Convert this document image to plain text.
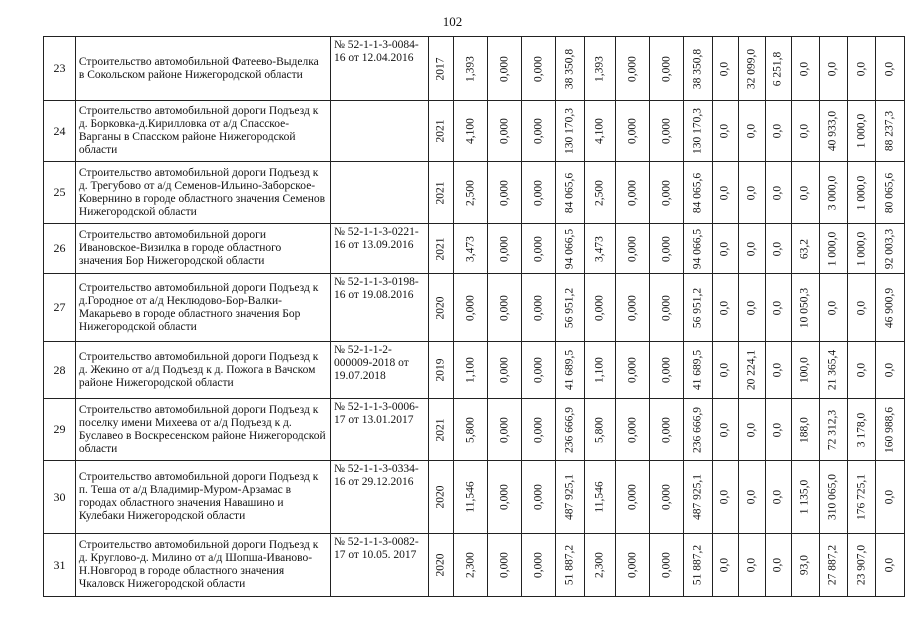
102
23	Строительство автомобильной Фатеево-Выделка в Сокольском районе Нижегородской области	№ 52-1-1-3-0084-16 от 12.04.2016	2017	1,393	0,000	0,000	38 350,8	1,393	0,000	0,000	38 350,8	0,0	32 099,0	6 251,8	0,0	0,0	0,0	0,0

24	Строительство автомобильной дороги Подъезд к д. Борковка-д.Кирилловка от а/д Спасское-Варганы в Спасском районе Нижегородской области		2021	4,100	0,000	0,000	130 170,3	4,100	0,000	0,000	130 170,3	0,0	0,0	0,0	0,0	40 933,0	1 000,0	88 237,3

25	Строительство автомобильной дороги Подъезд к д. Трегубово от а/д Семенов-Ильино-Заборское-Ковернино в городе областного значения Семенов Нижегородской области		2021	2,500	0,000	0,000	84 065,6	2,500	0,000	0,000	84 065,6	0,0	0,0	0,0	0,0	3 000,0	1 000,0	80 065,6

26	Строительство автомобильной дороги Ивановское-Визилка в городе областного значения Бор Нижегородской области	№ 52-1-1-3-0221-16 от 13.09.2016	2021	3,473	0,000	0,000	94 066,5	3,473	0,000	0,000	94 066,5	0,0	0,0	0,0	63,2	1 000,0	1 000,0	92 003,3

27	Строительство автомобильной дороги Подъезд к д.Городное от а/д Неклюдово-Бор-Валки-Макарьево в городе областного значения Бор Нижегородской области	№ 52-1-1-3-0198-16 от 19.08.2016	2020	0,000	0,000	0,000	56 951,2	0,000	0,000	0,000	56 951,2	0,0	0,0	0,0	10 050,3	0,0	0,0	46 900,9

28	Строительство автомобильной дороги Подъезд к д. Жекино от а/д Подъезд к д. Пожога в Вачском районе Нижегородской области	№ 52-1-1-2-000009-2018 от 19.07.2018	2019	1,100	0,000	0,000	41 689,5	1,100	0,000	0,000	41 689,5	0,0	20 224,1	0,0	100,0	21 365,4	0,0	0,0

29	Строительство автомобильной дороги Подъезд к поселку имени Михеева от а/д Подъезд к д. Буславео в Воскресенском районе Нижегородской области	№ 52-1-1-3-0006-17 от 13.01.2017	2021	5,800	0,000	0,000	236 666,9	5,800	0,000	0,000	236 666,9	0,0	0,0	0,0	188,0	72 312,3	3 178,0	160 988,6

30	Строительство автомобильной дороги Подъезд к п. Теша от а/д Владимир-Муром-Арзамас в городах областного значения Навашино и Кулебаки Нижегородской области	№ 52-1-1-3-0334-16 от 29.12.2016	2020	11,546	0,000	0,000	487 925,1	11,546	0,000	0,000	487 925,1	0,0	0,0	0,0	1 135,0	310 065,0	176 725,1	0,0

31	Строительство автомобильной дороги Подъезд к д. Круглово-д. Милино от а/д Шопша-Иваново-Н.Новгород в городе областного значения Чкаловск Нижегородской области	№ 52-1-1-3-0082-17 от 10.05. 2017	2020	2,300	0,000	0,000	51 887,2	2,300	0,000	0,000	51 887,2	0,0	0,0	0,0	93,0	27 887,2	23 907,0	0,0
